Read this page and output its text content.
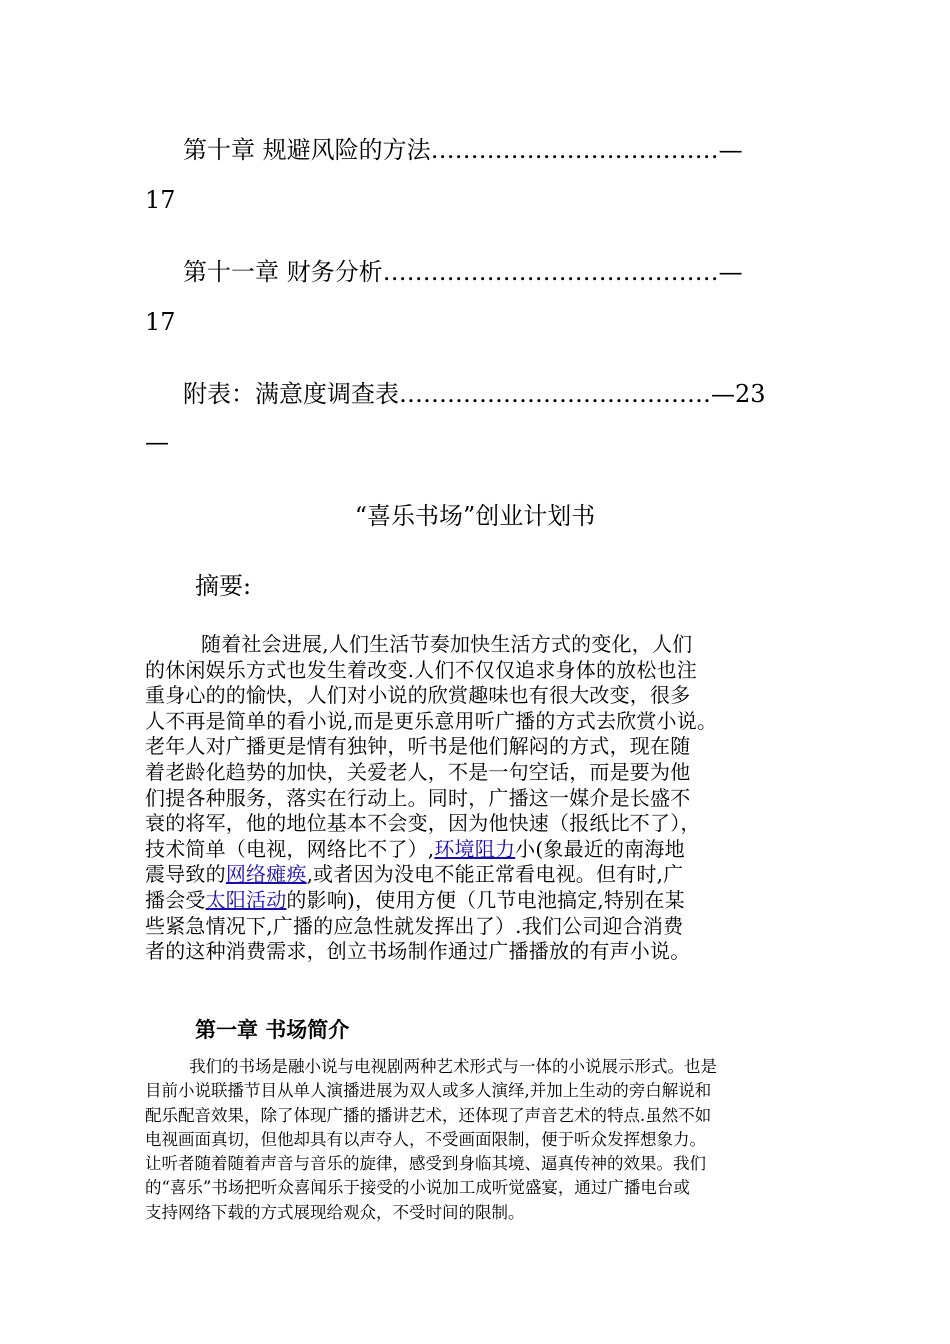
第十章 规避风险的方法………………………………—
17
第十一章 财务分析……………………………………—
17
附表：满意度调查表…………………………………—23
—
“喜乐书场”创业计划书
摘要:
随着社会进展,人们生活节奏加快生活方式的变化，人们
的休闲娱乐方式也发生着改变.人们不仅仅追求身体的放松也注
重身心的的愉快，人们对小说的欣赏趣味也有很大改变，很多
人不再是简单的看小说,而是更乐意用听广播的方式去欣赏小说。
老年人对广播更是情有独钟，听书是他们解闷的方式，现在随
着老龄化趋势的加快，关爱老人，不是一句空话，而是要为他
们提各种服务，落实在行动上。同时，广播这一媒介是长盛不
衰的将军，他的地位基本不会变，因为他快速（报纸比不了），
技术简单（电视，网络比不了）,环境阻力小(象最近的南海地
震导致的网络瘫痪,或者因为没电不能正常看电视。但有时,广
播会受太阳活动的影响)，使用方便（几节电池搞定,特别在某
些紧急情况下,广播的应急性就发挥出了）.我们公司迎合消费
者的这种消费需求，创立书场制作通过广播播放的有声小说。
第一章 书场简介
我们的书场是融小说与电视剧两种艺术形式与一体的小说展示形式。也是
目前小说联播节目从单人演播进展为双人或多人演绎,并加上生动的旁白解说和
配乐配音效果，除了体现广播的播讲艺术，还体现了声音艺术的特点.虽然不如
电视画面真切，但他却具有以声夺人，不受画面限制，便于听众发挥想象力。
让听者随着随着声音与音乐的旋律，感受到身临其境、逼真传神的效果。我们
的“喜乐”书场把听众喜闻乐于接受的小说加工成听觉盛宴，通过广播电台或
支持网络下载的方式展现给观众，不受时间的限制。
